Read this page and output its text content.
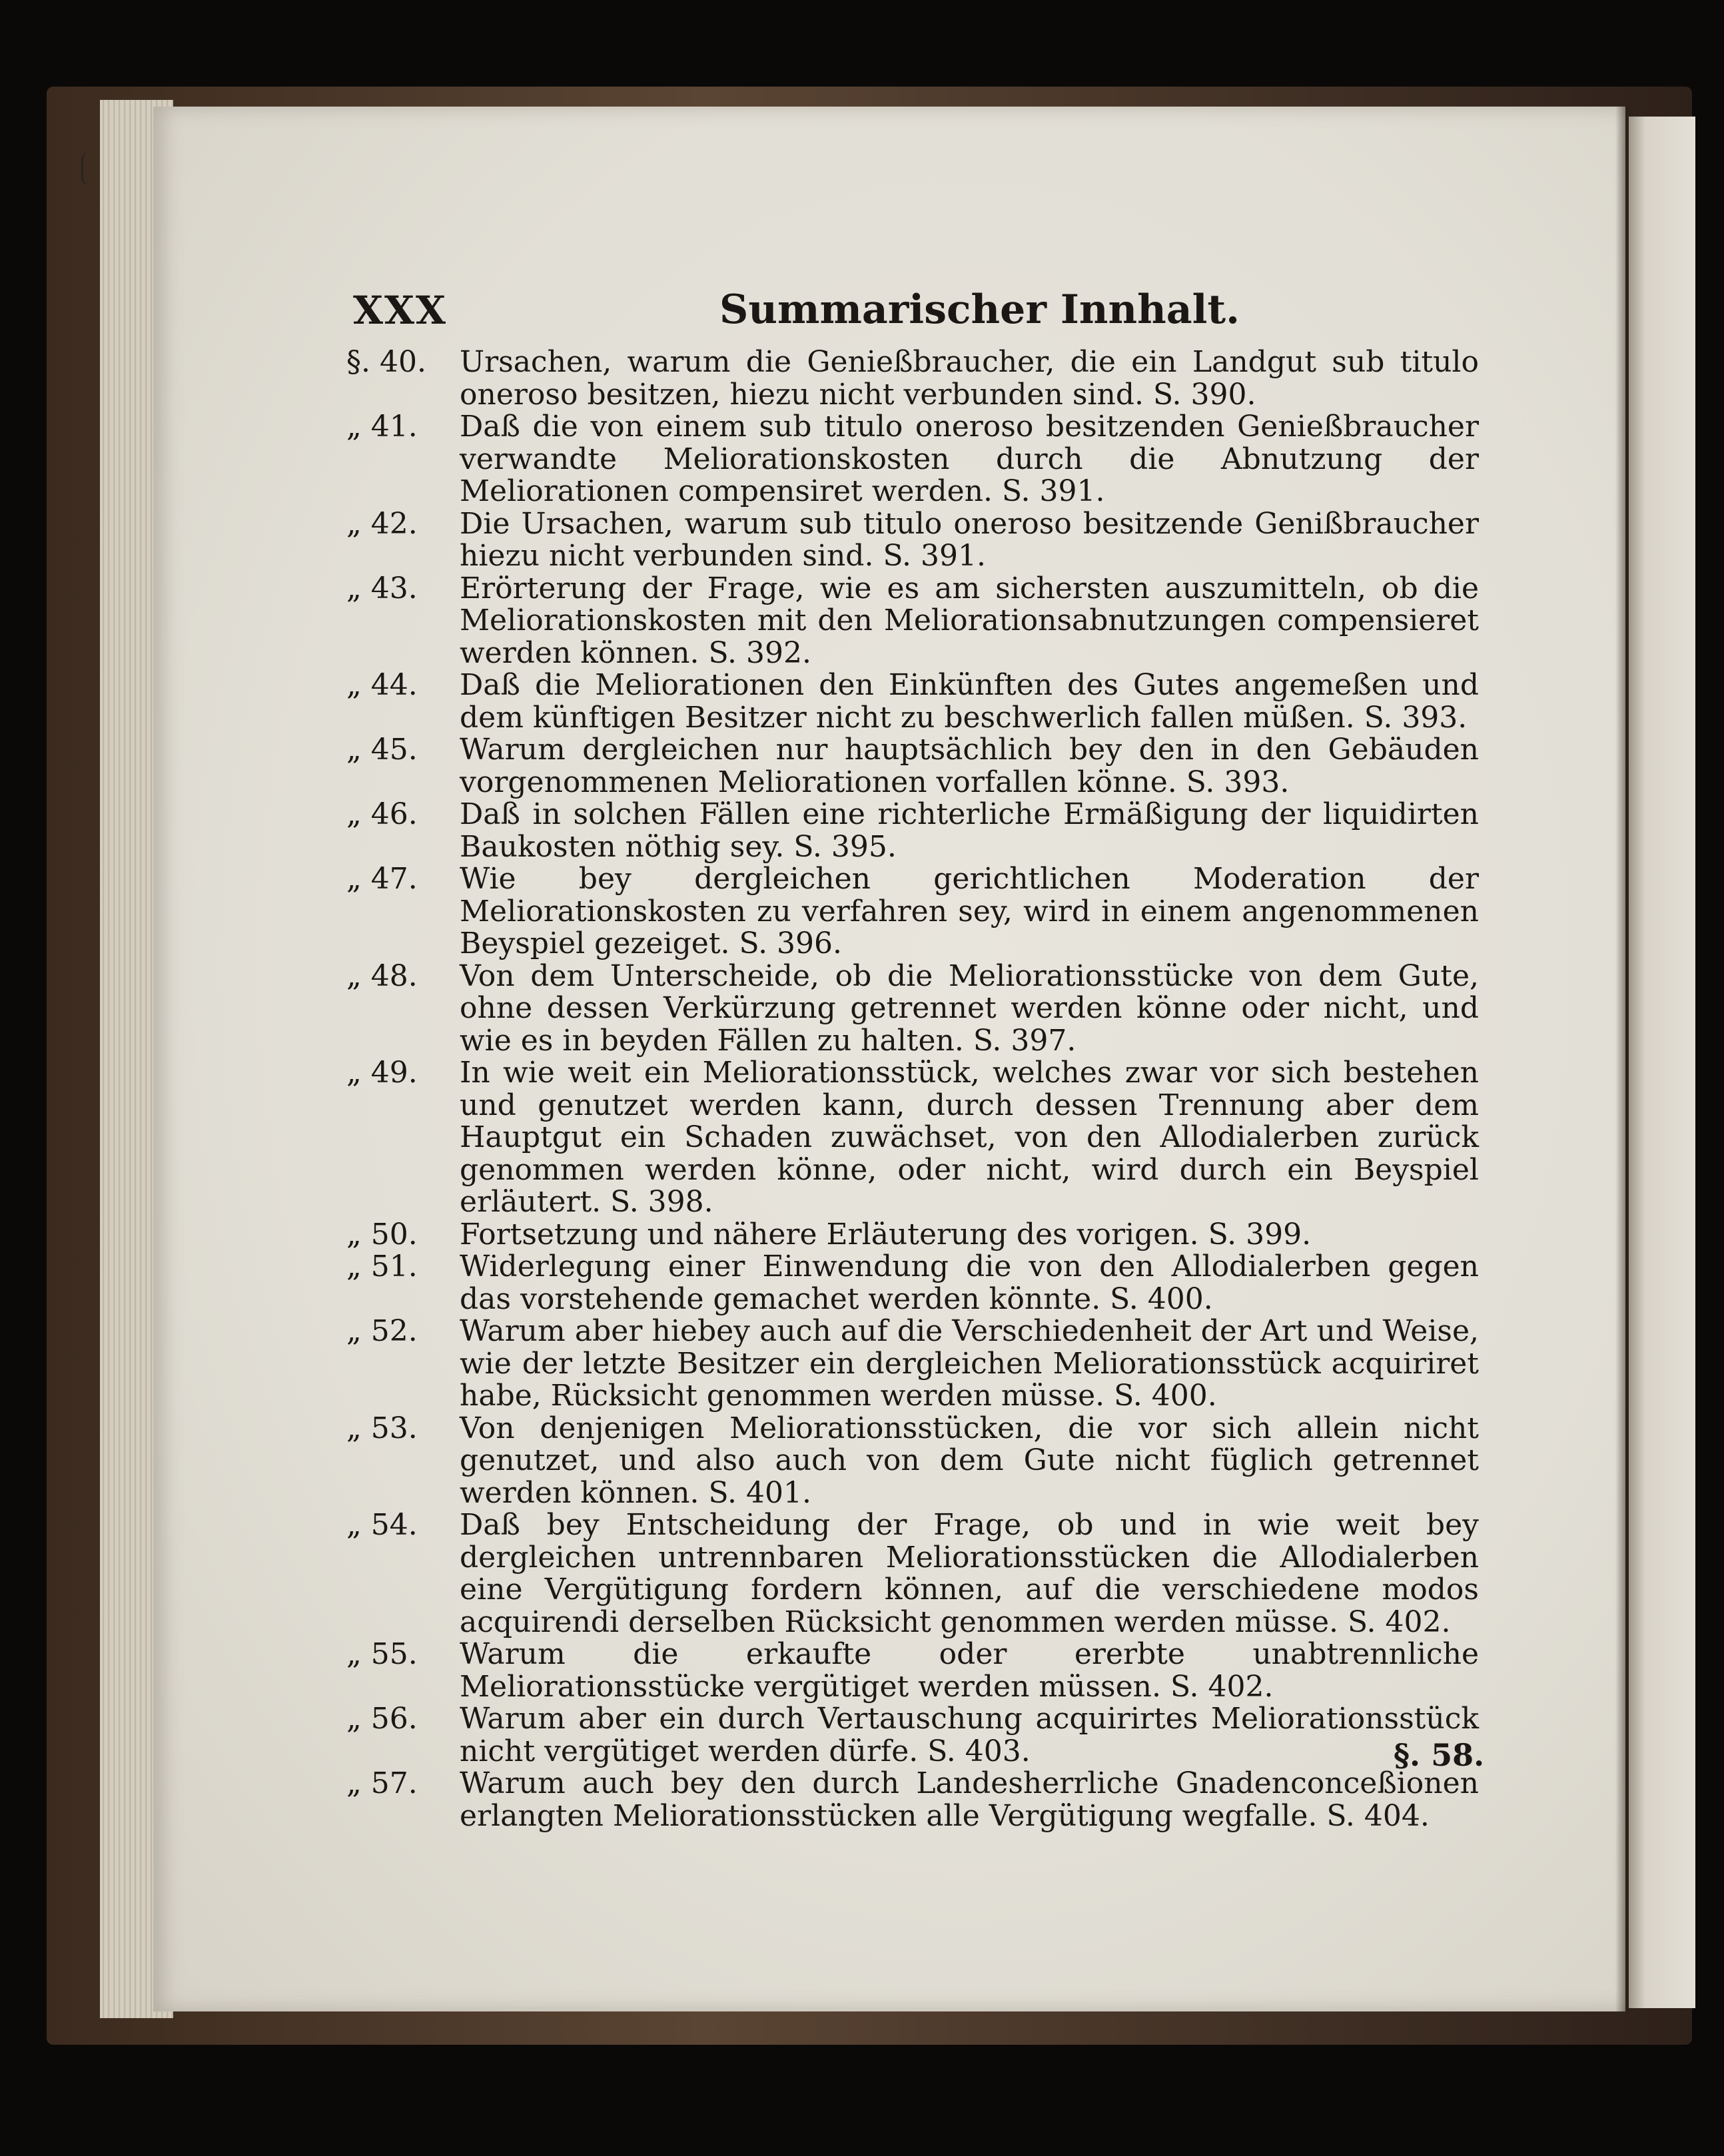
XXX	Summarischer Innhalt.
§. 40.	Ursachen, warum die Genießbraucher, die ein Landgut sub titulo oneroso besitzen, hiezu nicht verbunden sind. S. 390.
„ 41.	Daß die von einem sub titulo oneroso besitzenden Genießbraucher verwandte Meliorationskosten durch die Abnutzung der Meliorationen compensiret werden. S. 391.
„ 42.	Die Ursachen, warum sub titulo oneroso besitzende Genißbraucher hiezu nicht verbunden sind. S. 391.
„ 43.	Erörterung der Frage, wie es am sichersten auszumitteln, ob die Meliorationskosten mit den Meliorationsabnutzungen compensieret werden können. S. 392.
„ 44.	Daß die Meliorationen den Einkünften des Gutes angemeßen und dem künftigen Besitzer nicht zu beschwerlich fallen müßen. S. 393.
„ 45.	Warum dergleichen nur hauptsächlich bey den in den Gebäuden vorgenommenen Meliorationen vorfallen könne. S. 393.
„ 46.	Daß in solchen Fällen eine richterliche Ermäßigung der liquidirten Baukosten nöthig sey. S. 395.
„ 47.	Wie bey dergleichen gerichtlichen Moderation der Meliorationskosten zu verfahren sey, wird in einem angenommenen Beyspiel gezeiget. S. 396.
„ 48.	Von dem Unterscheide, ob die Meliorationsstücke von dem Gute, ohne dessen Verkürzung getrennet werden könne oder nicht, und wie es in beyden Fällen zu halten. S. 397.
„ 49.	In wie weit ein Meliorationsstück, welches zwar vor sich bestehen und genutzet werden kann, durch dessen Trennung aber dem Hauptgut ein Schaden zuwächset, von den Allodialerben zurück genommen werden könne, oder nicht, wird durch ein Beyspiel erläutert. S. 398.
„ 50.	Fortsetzung und nähere Erläuterung des vorigen. S. 399.
„ 51.	Widerlegung einer Einwendung die von den Allodialerben gegen das vorstehende gemachet werden könnte. S. 400.
„ 52.	Warum aber hiebey auch auf die Verschiedenheit der Art und Weise, wie der letzte Besitzer ein dergleichen Meliorationsstück acquiriret habe, Rücksicht genommen werden müsse. S. 400.
„ 53.	Von denjenigen Meliorationsstücken, die vor sich allein nicht genutzet, und also auch von dem Gute nicht füglich getrennet werden können. S. 401.
„ 54.	Daß bey Entscheidung der Frage, ob und in wie weit bey dergleichen untrennbaren Meliorationsstücken die Allodialerben eine Vergütigung fordern können, auf die verschiedene modos acquirendi derselben Rücksicht genommen werden müsse. S. 402.
„ 55.	Warum die erkaufte oder ererbte unabtrennliche Meliorationsstücke vergütiget werden müssen. S. 402.
„ 56.	Warum aber ein durch Vertauschung acquirirtes Meliorationsstück nicht vergütiget werden dürfe. S. 403.
„ 57.	Warum auch bey den durch Landesherrliche Gnadenconceßionen erlangten Meliorationsstücken alle Vergütigung wegfalle. S. 404.
§. 58.
